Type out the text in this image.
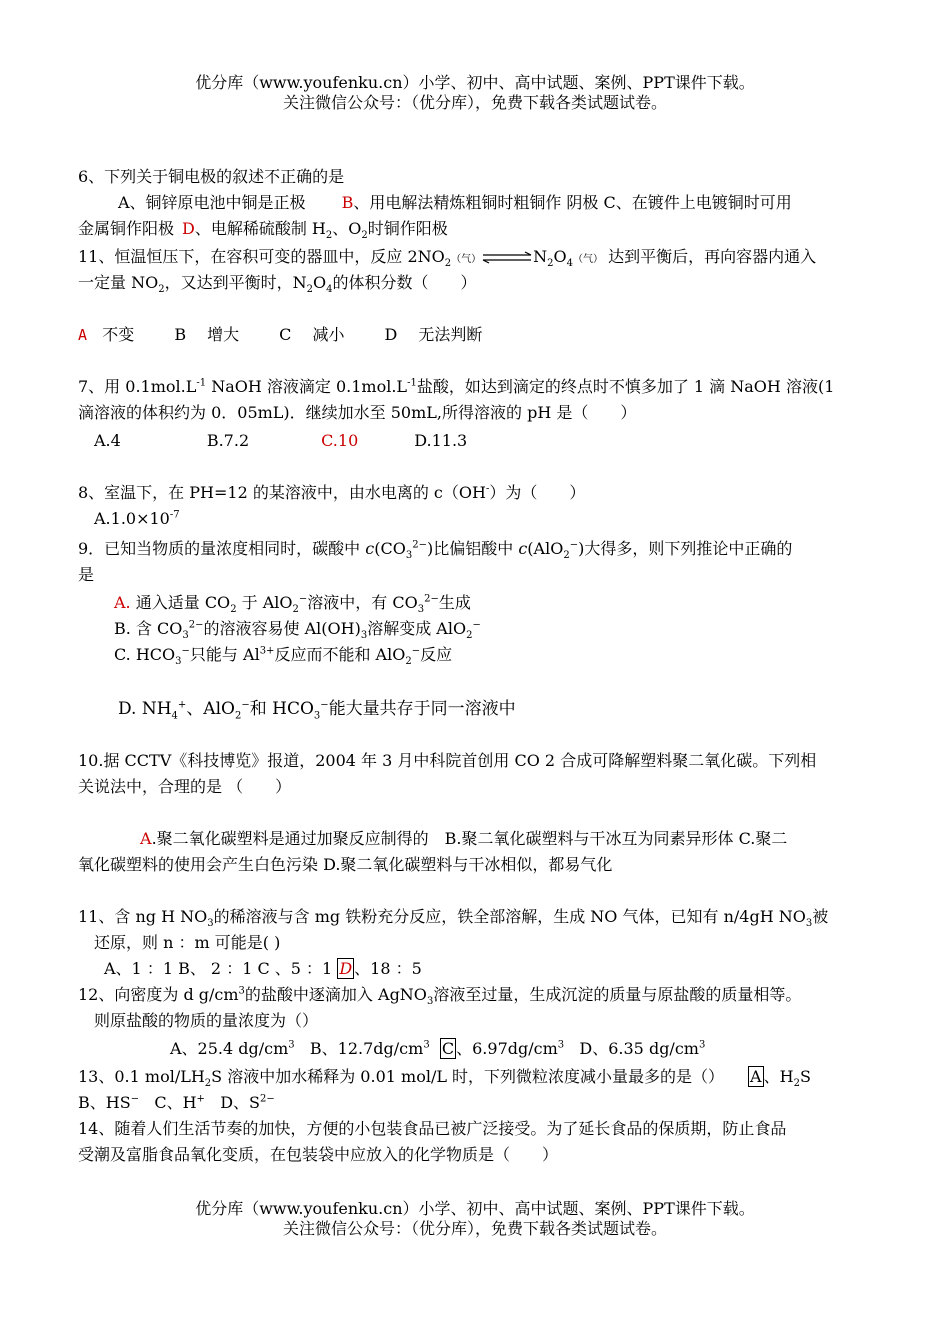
优分库（www.youfenku.cn）小学、初中、高中试题、案例、PPT课件下载。
关注微信公众号：（优分库），免费下载各类试题试卷。
6、下列关于铜电极的叙述不正确的是
A、铜锌原电池中铜是正极 B、用电解法精炼粗铜时粗铜作 阴极 C、在镀件上电镀铜时可用
金属铜作阳极 D、电解稀硫酸制 $H_2$、$O_2$时铜作阳极
11、恒温恒压下，在容积可变的器皿中，反应 $2NO_2$（气）$\rightleftharpoons N_2O_4$（气） 达到平衡后，再向容器内通入
一定量 $NO_2$，又达到平衡时，$N_2O_4$的体积分数（　　）
A 不变	B　 增大	C　 减小	D　 无法判断
7、用 $0.1mol.L^{-1}$ NaOH 溶液滴定 $0.1mol.L^{-1}$盐酸，如达到滴定的终点时不慎多加了 1 滴 NaOH 溶液(1
滴溶液的体积约为 0．05mL)．继续加水至 50mL,所得溶液的 pH 是（　　）
A.4	B.7.2	C.10	D.11.3
8、室温下，在 PH=12 的某溶液中，由水电离的 c（OH-）为（　　）
$A.1.0\times 10^{-7}$
9．已知当物质的量浓度相同时，碳酸中 $c(CO_3^{2-})$比偏铝酸中 c(AlO$_2$−)大得多，则下列推论中正确的
是
A. 通入适量 $CO_2$ 于 AlO$_2$−溶液中，有 $CO_3^{2-}$生成
B. 含 $CO_3^{2-}$的溶液容易使 $Al(OH)_3$溶解变成 AlO$_2$−
C. $HCO_3^-$只能与 $Al^{3+}$反应而不能和 AlO$_2$−反应
D. $NH_4^+$、AlO$_2$−和 $HCO_3^-$能大量共存于同一溶液中
10.据 CCTV《科技博览》报道，2004 年 3 月中科院首创用 CO 2 合成可降解塑料聚二氧化碳。下列相
关说法中，合理的是 （　　）
A.聚二氧化碳塑料是通过加聚反应制得的　B.聚二氧化碳塑料与干冰互为同素异形体 C.聚二
氧化碳塑料的使用会产生白色污染 D.聚二氧化碳塑料与干冰相似，都易气化
11、含 ng H $NO_3$的稀溶液与含 mg 铁粉充分反应，铁全部溶解，生成 NO 气体，已知有 n/4gH $NO_3$被
还原，则 n ：m 可能是( )
A、1 ：1 B、 2 ：1 C 、5 ：1 D 、18 ：5
12、向密度为 d $g/cm^3$的盐酸中逐滴加入 AgNO$_3$溶液至过量，生成沉淀的质量与原盐酸的质量相等。
则原盐酸的物质的量浓度为（）
A、25.4 $dg/cm^3$ B、$12.7dg/cm^3$ C 、$6.97dg/cm^3$ D、6.35 $dg/cm^3$
13、0.1 mol/$LH_2S$ 溶液中加水稀释为 0.01 mol/L 时，下列微粒浓度减小量最多的是（） A 、$H_2S$
B、HS− C、H+ D、$S^{2-}$
14、随着人们生活节奏的加快，方便的小包装食品已被广泛接受。为了延长食品的保质期，防止食品
受潮及富脂食品氧化变质，在包装袋中应放入的化学物质是（　　）
优分库（www.youfenku.cn）小学、初中、高中试题、案例、PPT课件下载。
关注微信公众号：（优分库），免费下载各类试题试卷。
